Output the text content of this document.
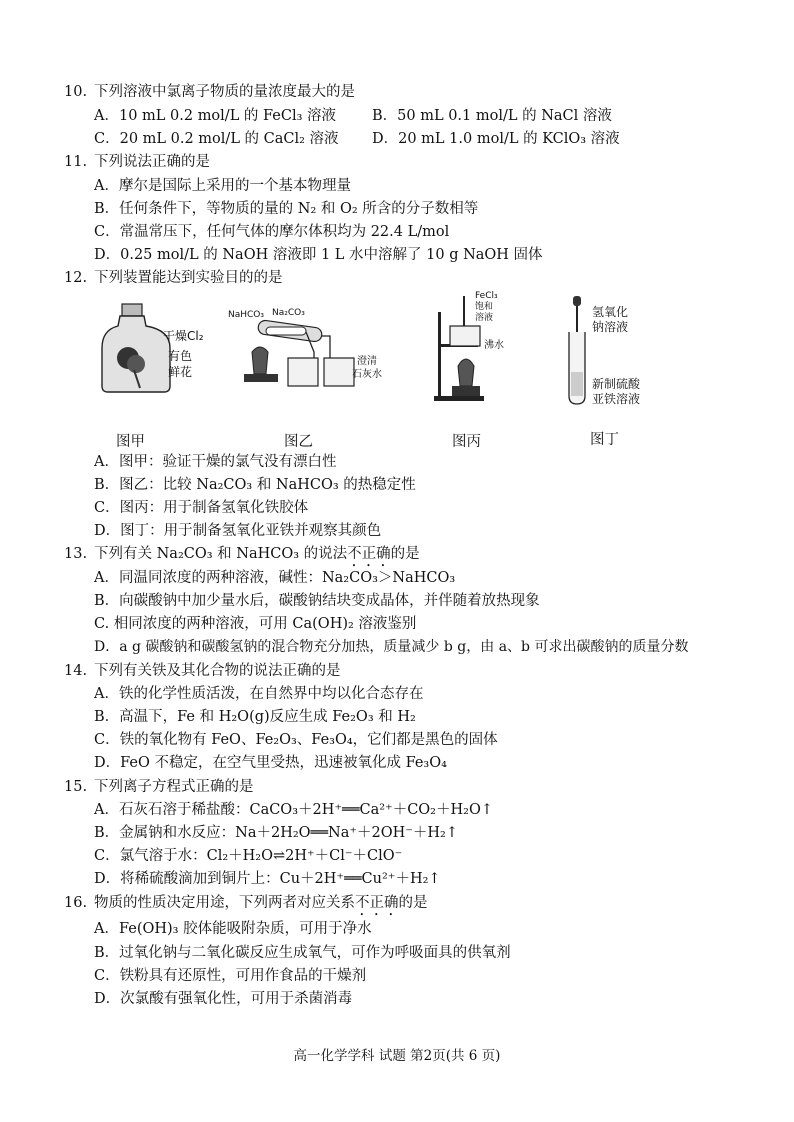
10. 下列溶液中氯离子物质的量浓度最大的是
A．10 mL 0.2 mol/L 的 FeCl₃ 溶液 B．50 mL 0.1 mol/L 的 NaCl 溶液
C．20 mL 0.2 mol/L 的 CaCl₂ 溶液 D．20 mL 1.0 mol/L 的 KClO₃ 溶液
11. 下列说法正确的是
A．摩尔是国际上采用的一个基本物理量
B．任何条件下，等物质的量的 N₂ 和 O₂ 所含的分子数相等
C．常温常压下，任何气体的摩尔体积均为 22.4 L/mol
D．0.25 mol/L 的 NaOH 溶液即 1 L 水中溶解了 10 g NaOH 固体
12. 下列装置能达到实验目的的是
干燥Cl₂
有色
鲜花
图甲
NaHCO₃ Na₂CO₃
澄清
石灰水
图乙
FeCl₃
饱和
溶液
沸水
图丙
氢氧化
钠溶液
新制硫酸
亚铁溶液
图丁
A．图甲：验证干燥的氯气没有漂白性
B．图乙：比较 Na₂CO₃ 和 NaHCO₃ 的热稳定性
C．图丙：用于制备氢氧化铁胶体
D．图丁：用于制备氢氧化亚铁并观察其颜色
13. 下列有关 Na₂CO₃ 和 NaHCO₃ 的说法不正确的是
A．同温同浓度的两种溶液，碱性：Na₂CO₃＞NaHCO₃
B．向碳酸钠中加少量水后，碳酸钠结块变成晶体，并伴随着放热现象
C. 相同浓度的两种溶液，可用 Ca(OH)₂ 溶液鉴别
D．a g 碳酸钠和碳酸氢钠的混合物充分加热，质量减少 b g，由 a、b 可求出碳酸钠的质量分数
14. 下列有关铁及其化合物的说法正确的是
A．铁的化学性质活泼，在自然界中均以化合态存在
B．高温下，Fe 和 H₂O(g)反应生成 Fe₂O₃ 和 H₂
C．铁的氧化物有 FeO、Fe₂O₃、Fe₃O₄，它们都是黑色的固体
D．FeO 不稳定，在空气里受热，迅速被氧化成 Fe₃O₄
15. 下列离子方程式正确的是
A．石灰石溶于稀盐酸：CaCO₃＋2H⁺══Ca²⁺＋CO₂＋H₂O↑
B．金属钠和水反应：Na＋2H₂O══Na⁺＋2OH⁻＋H₂↑
C．氯气溶于水：Cl₂＋H₂O⇌2H⁺＋Cl⁻＋ClO⁻
D．将稀硫酸滴加到铜片上：Cu＋2H⁺══Cu²⁺＋H₂↑
16. 物质的性质决定用途，下列两者对应关系不正确的是
A．Fe(OH)₃ 胶体能吸附杂质，可用于净水
B．过氧化钠与二氧化碳反应生成氧气，可作为呼吸面具的供氧剂
C．铁粉具有还原性，可用作食品的干燥剂
D．次氯酸有强氧化性，可用于杀菌消毒
高一化学学科 试题 第2页(共 6 页)
